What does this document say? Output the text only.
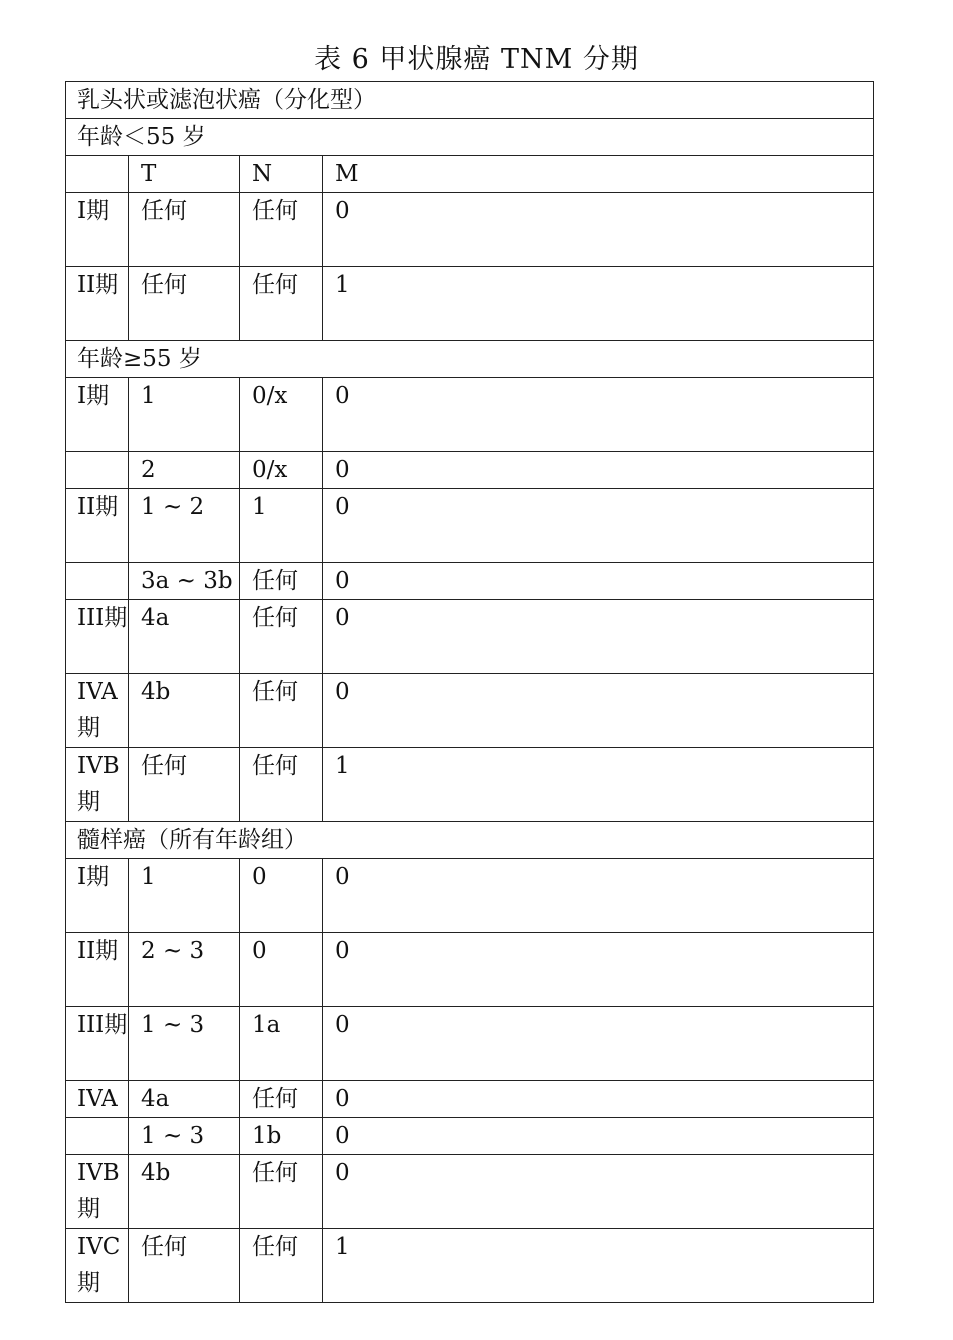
表 6 甲状腺癌 TNM 分期
乳头状或滤泡状癌（分化型）			
年龄＜55 岁			
	T	N	M
I期	任何	任何	0
II期	任何	任何	1
年龄≥55 岁			
I期	1	0/x	0
	2	0/x	0
II期	1 ~ 2	1	0
	3a ~ 3b	任何	0
III期	4a	任何	0
IVA期	4b	任何	0
IVB期	任何	任何	1
髓样癌（所有年龄组）			
I期	1	0	0
II期	2 ~ 3	0	0
III期	1 ~ 3	1a	0
IVA	4a	任何	0
	1 ~ 3	1b	0
IVB期	4b	任何	0
IVC期	任何	任何	1
